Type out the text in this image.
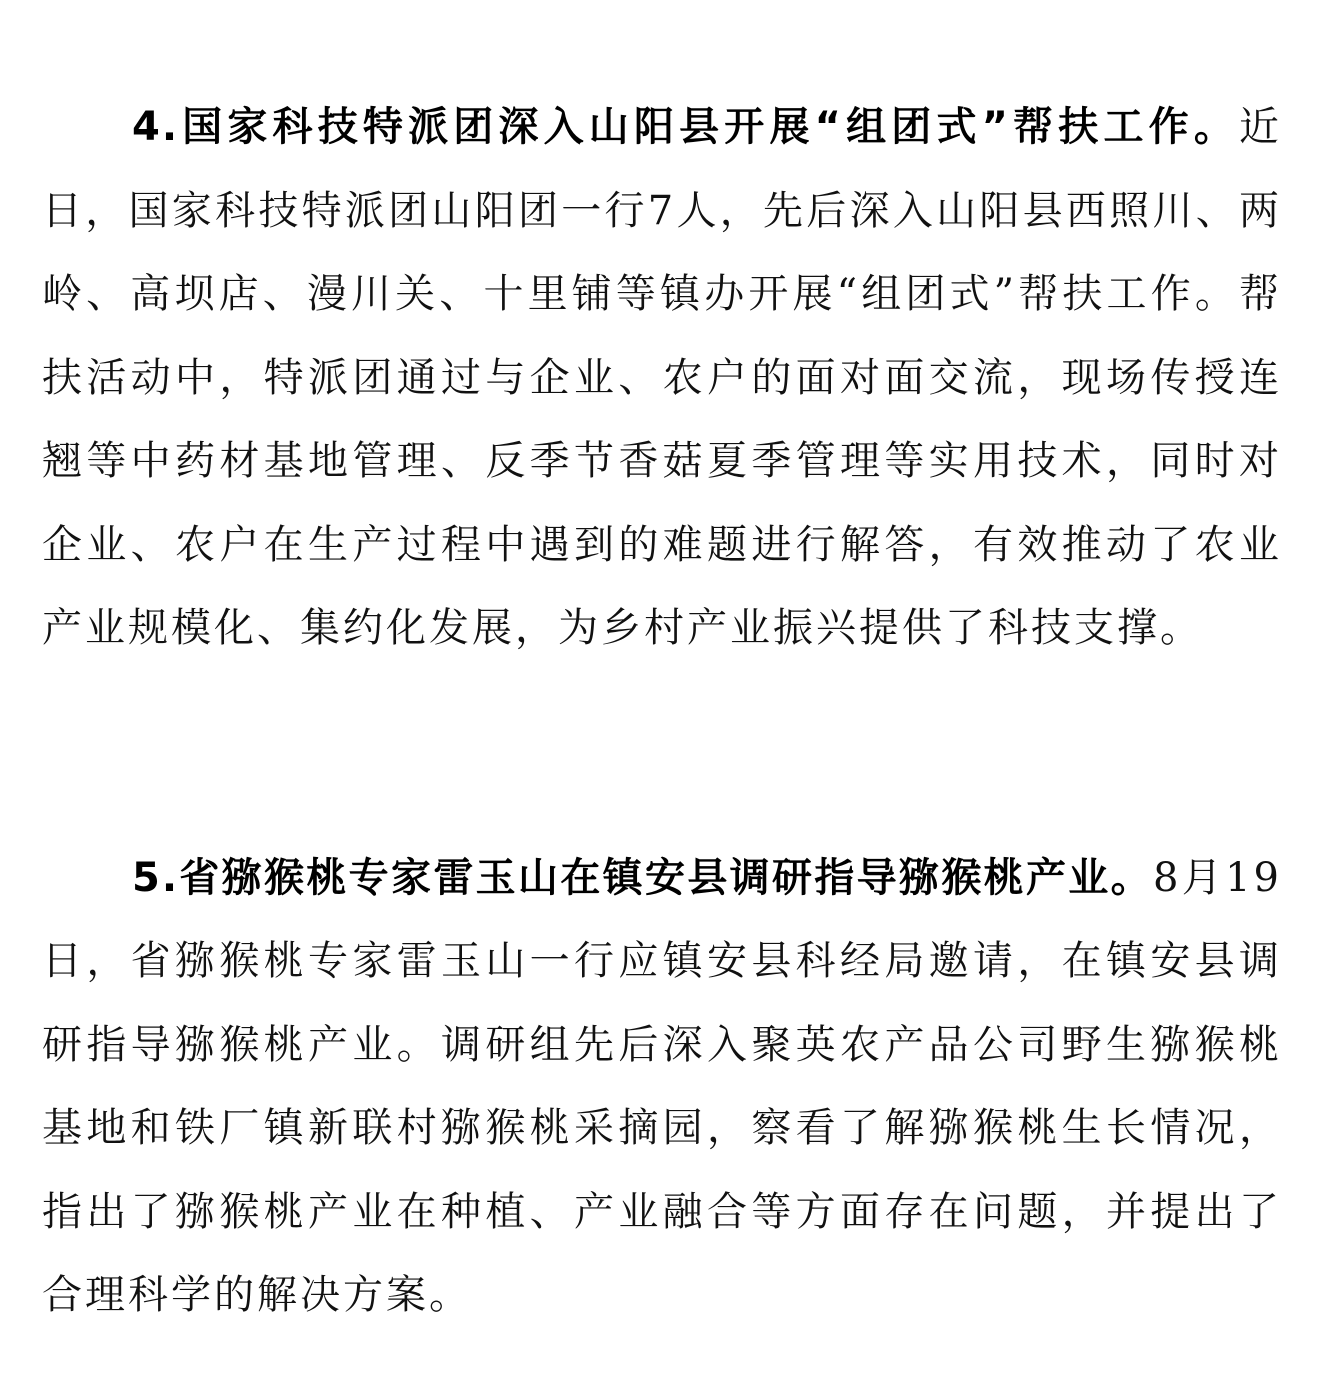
4.国家科技特派团深入山阳县开展“组团式”帮扶工作。近日，国家科技特派团山阳团一行7人，先后深入山阳县西照川、两岭、高坝店、漫川关、十里铺等镇办开展“组团式”帮扶工作。帮扶活动中，特派团通过与企业、农户的面对面交流，现场传授连翘等中药材基地管理、反季节香菇夏季管理等实用技术，同时对企业、农户在生产过程中遇到的难题进行解答，有效推动了农业产业规模化、集约化发展，为乡村产业振兴提供了科技支撑。

5.省猕猴桃专家雷玉山在镇安县调研指导猕猴桃产业。8月19日，省猕猴桃专家雷玉山一行应镇安县科经局邀请，在镇安县调研指导猕猴桃产业。调研组先后深入聚英农产品公司野生猕猴桃基地和铁厂镇新联村猕猴桃采摘园，察看了解猕猴桃生长情况，指出了猕猴桃产业在种植、产业融合等方面存在问题，并提出了合理科学的解决方案。
